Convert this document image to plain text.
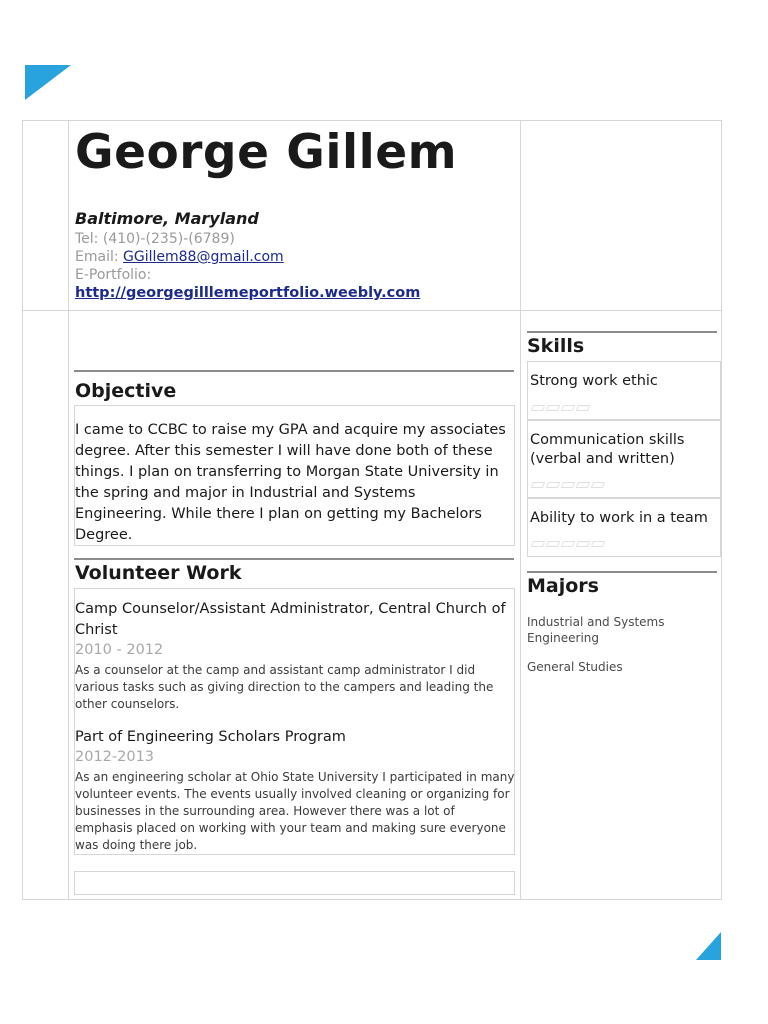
George Gillem
Baltimore, Maryland
Tel: (410)-(235)-(6789)
Email: GGillem88@gmail.com
E-Portfolio:
http://georgegilllemeportfolio.weebly.com
Objective
I came to CCBC to raise my GPA and acquire my associates degree. After this semester I will have done both of these things. I plan on transferring to Morgan State University in the spring and major in Industrial and Systems Engineering. While there I plan on getting my Bachelors Degree.
Volunteer Work
Camp Counselor/Assistant Administrator, Central Church of Christ
2010 - 2012
As a counselor at the camp and assistant camp administrator I did various tasks such as giving direction to the campers and leading the other counselors.
Part of Engineering Scholars Program
2012-2013
As an engineering scholar at Ohio State University I participated in many volunteer events. The events usually involved cleaning or organizing for businesses in the surrounding area. However there was a lot of emphasis placed on working with your team and making sure everyone was doing there job.
Skills
Strong work ethic
Communication skills (verbal and written)
Ability to work in a team
Majors
Industrial and Systems Engineering
General Studies
